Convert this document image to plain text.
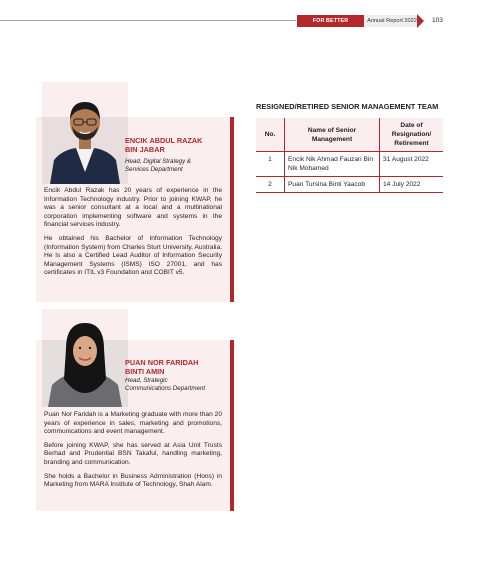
FOR BETTER GOVERNANCE
Annual Report 2022	103
ENCIK ABDUL RAZAK
BIN JABAR
Head, Digital Strategy &
Services Department

Encik Abdul Razak has 20 years of experience in the Information Technology industry. Prior to joining KWAP, he was a senior consultant at a local and a multinational corporation implementing software and systems in the financial services industry.

He obtained his Bachelor of Information Technology (Information System) from Charles Sturt University, Australia. He is also a Certified Lead Auditor of Information Security Management Systems (ISMS) ISO 27001, and has certificates in ITIL v3 Foundation and COBIT v5.

PUAN NOR FARIDAH
BINTI AMIN
Head, Strategic
Communications Department

Puan Nor Faridah is a Marketing graduate with more than 20 years of experience in sales, marketing and promotions, communications and event management.

Before joining KWAP, she has served at Asia Unit Trusts Berhad and Prudential BSN Takaful, handling marketing, branding and communication.

She holds a Bachelor in Business Administration (Hons) in Marketing from MARA Institute of Technology, Shah Alam.

RESIGNED/RETIRED SENIOR MANAGEMENT TEAM
No.	Name of Senior Management	Date of Resignation/ Retirement
1	Encik Nik Ahmad Fauzan Bin Nik Mohamed	31 August 2022
2	Puan Tursina Binti Yaacob	14 July 2022
